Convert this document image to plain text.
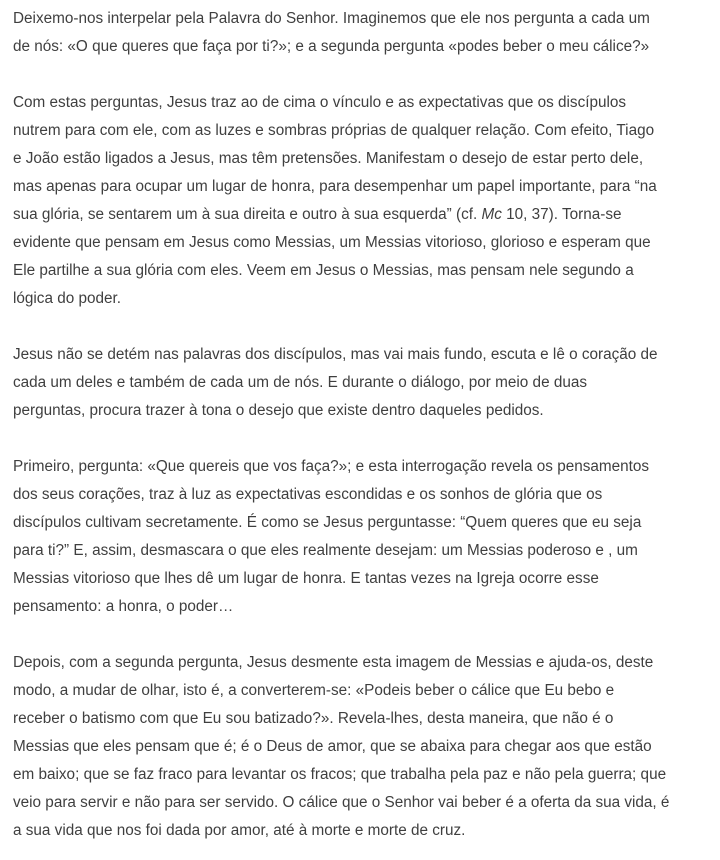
Deixemo-nos interpelar pela Palavra do Senhor. Imaginemos que ele nos pergunta a cada um
de nós: «O que queres que faça por ti?»; e a segunda pergunta «podes beber o meu cálice?»

Com estas perguntas, Jesus traz ao de cima o vínculo e as expectativas que os discípulos
nutrem para com ele, com as luzes e sombras próprias de qualquer relação. Com efeito, Tiago
e João estão ligados a Jesus, mas têm pretensões. Manifestam o desejo de estar perto dele,
mas apenas para ocupar um lugar de honra, para desempenhar um papel importante, para “na
sua glória, se sentarem um à sua direita e outro à sua esquerda” (cf. Mc 10, 37). Torna-se
evidente que pensam em Jesus como Messias, um Messias vitorioso, glorioso e esperam que
Ele partilhe a sua glória com eles. Veem em Jesus o Messias, mas pensam nele segundo a
lógica do poder.

Jesus não se detém nas palavras dos discípulos, mas vai mais fundo, escuta e lê o coração de
cada um deles e também de cada um de nós. E durante o diálogo, por meio de duas
perguntas, procura trazer à tona o desejo que existe dentro daqueles pedidos.

Primeiro, pergunta: «Que quereis que vos faça?»; e esta interrogação revela os pensamentos
dos seus corações, traz à luz as expectativas escondidas e os sonhos de glória que os
discípulos cultivam secretamente. É como se Jesus perguntasse: “Quem queres que eu seja
para ti?” E, assim, desmascara o que eles realmente desejam: um Messias poderoso e , um
Messias vitorioso que lhes dê um lugar de honra. E tantas vezes na Igreja ocorre esse
pensamento: a honra, o poder…

Depois, com a segunda pergunta, Jesus desmente esta imagem de Messias e ajuda-os, deste
modo, a mudar de olhar, isto é, a converterem-se: «Podeis beber o cálice que Eu bebo e
receber o batismo com que Eu sou batizado?». Revela-lhes, desta maneira, que não é o
Messias que eles pensam que é; é o Deus de amor, que se abaixa para chegar aos que estão
em baixo; que se faz fraco para levantar os fracos; que trabalha pela paz e não pela guerra; que
veio para servir e não para ser servido. O cálice que o Senhor vai beber é a oferta da sua vida, é
a sua vida que nos foi dada por amor, até à morte e morte de cruz.
